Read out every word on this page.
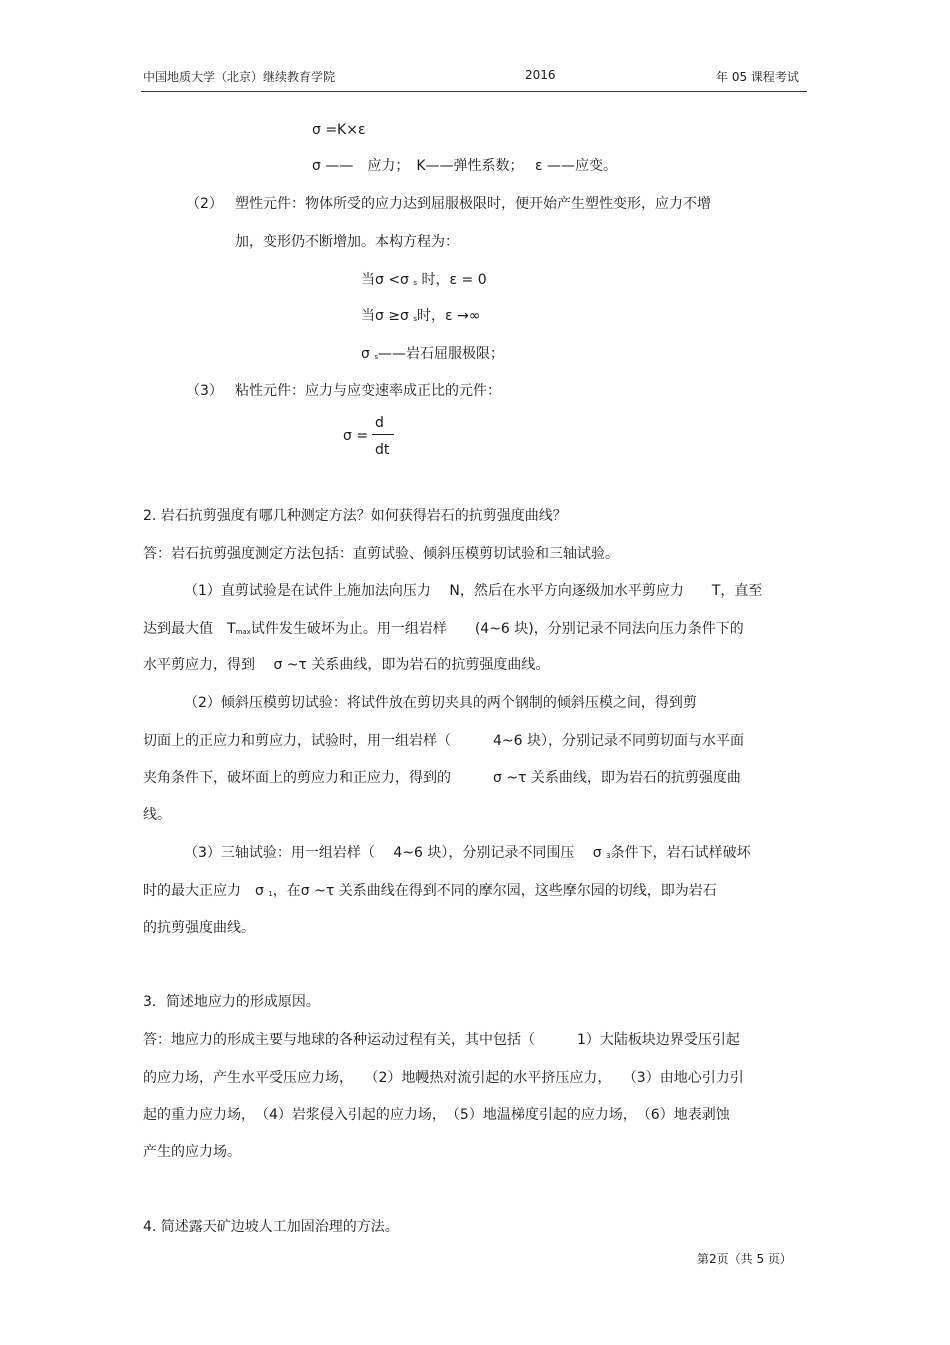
中国地质大学（北京）继续教育学院	2016	年 05 课程考试
σ =K×ε
σ ——　应力；　K——弹性系数；　 ε ——应变。
（2） 塑性元件：物体所受的应力达到屈服极限时，便开始产生塑性变形，应力不增
加，变形仍不断增加。本构方程为：
当σ <σ s 时，ε = 0
当σ ≥σ s时，ε →∞
σ s——岩石屈服极限；
（3） 粘性元件：应力与应变速率成正比的元件：
σ =
d
dt
2. 岩石抗剪强度有哪几种测定方法？如何获得岩石的抗剪强度曲线？
答：岩石抗剪强度测定方法包括：直剪试验、倾斜压模剪切试验和三轴试验。
（1）直剪试验是在试件上施加法向压力　 N，然后在水平方向逐级加水平剪应力　　T，直至
达到最大值　Tmax试件发生破坏为止。用一组岩样　　(4~6 块)，分别记录不同法向压力条件下的
水平剪应力，得到　 σ ~τ 关系曲线，即为岩石的抗剪强度曲线。
（2）倾斜压模剪切试验：将试件放在剪切夹具的两个钢制的倾斜压模之间，得到剪
切面上的正应力和剪应力，试验时，用一组岩样（　　　4~6 块），分别记录不同剪切面与水平面
夹角条件下，破坏面上的剪应力和正应力，得到的　　　σ ~τ 关系曲线，即为岩石的抗剪强度曲
线。
（3）三轴试验：用一组岩样（　 4~6 块），分别记录不同围压　 σ 3条件下，岩石试样破坏
时的最大正应力　σ 1，在σ ~τ 关系曲线在得到不同的摩尔园，这些摩尔园的切线，即为岩石
的抗剪强度曲线。
3．简述地应力的形成原因。
答：地应力的形成主要与地球的各种运动过程有关，其中包括（　　　1）大陆板块边界受压引起
的应力场，产生水平受压应力场，　 （2）地幔热对流引起的水平挤压应力，　 （3）由地心引力引
起的重力应力场，　（4）岩浆侵入引起的应力场，　（5）地温梯度引起的应力场，　（6）地表剥蚀
产生的应力场。
4. 简述露天矿边坡人工加固治理的方法。
第2页（共 5 页）
